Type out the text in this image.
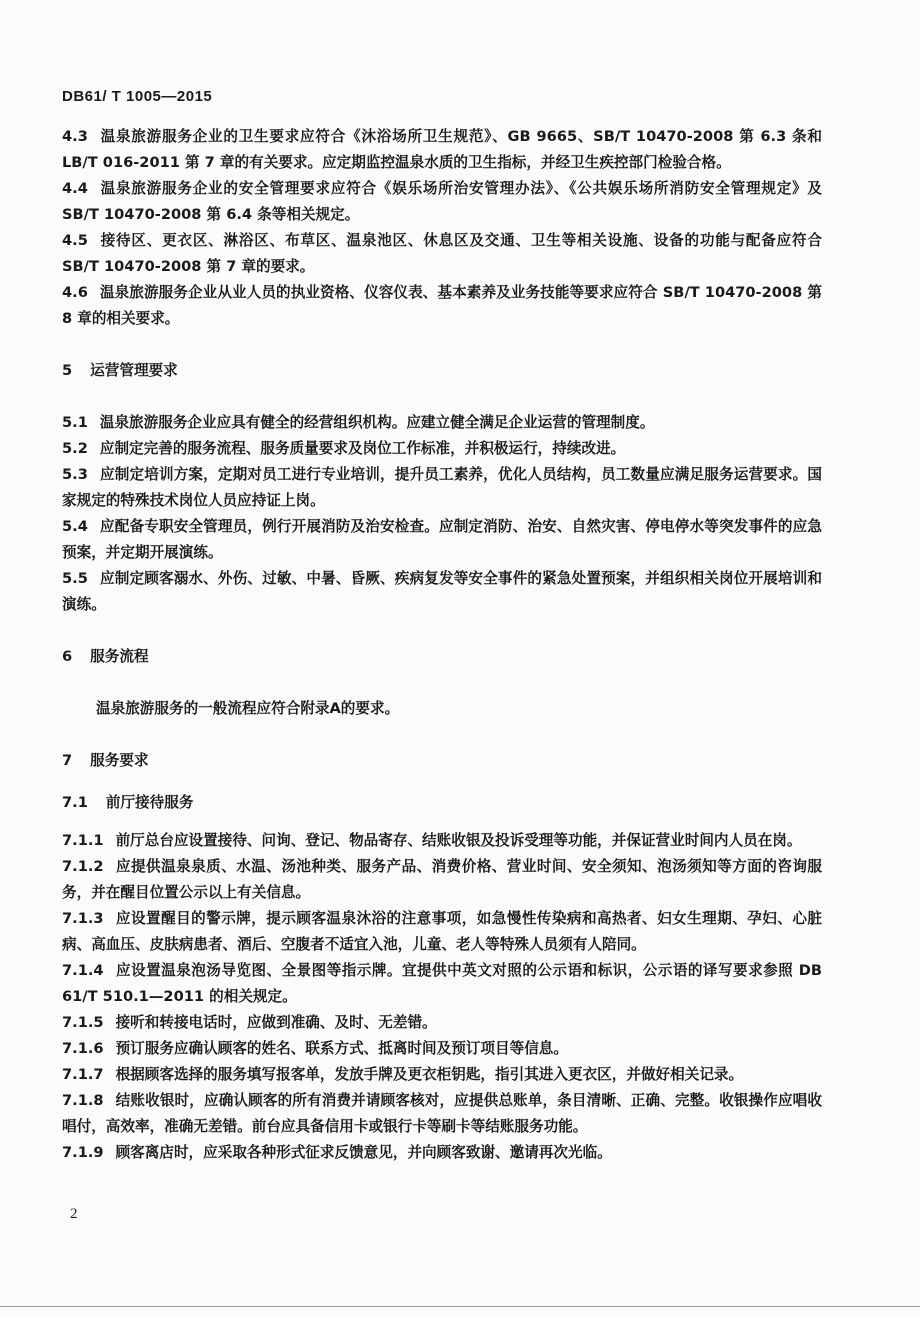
DB61/ T 1005—2015

4.3 温泉旅游服务企业的卫生要求应符合《沐浴场所卫生规范》、GB 9665、SB/T 10470-2008 第 6.3 条和 LB/T 016-2011 第 7 章的有关要求。应定期监控温泉水质的卫生指标，并经卫生疾控部门检验合格。

4.4 温泉旅游服务企业的安全管理要求应符合《娱乐场所治安管理办法》、《公共娱乐场所消防安全管理规定》及 SB/T 10470-2008 第 6.4 条等相关规定。

4.5 接待区、更衣区、淋浴区、布草区、温泉池区、休息区及交通、卫生等相关设施、设备的功能与配备应符合 SB/T 10470-2008 第 7 章的要求。

4.6 温泉旅游服务企业从业人员的执业资格、仪容仪表、基本素养及业务技能等要求应符合 SB/T 10470-2008 第 8 章的相关要求。

5 运营管理要求

5.1 温泉旅游服务企业应具有健全的经营组织机构。应建立健全满足企业运营的管理制度。

5.2 应制定完善的服务流程、服务质量要求及岗位工作标准，并积极运行，持续改进。

5.3 应制定培训方案，定期对员工进行专业培训，提升员工素养，优化人员结构，员工数量应满足服务运营要求。国家规定的特殊技术岗位人员应持证上岗。

5.4 应配备专职安全管理员，例行开展消防及治安检查。应制定消防、治安、自然灾害、停电停水等突发事件的应急预案，并定期开展演练。

5.5 应制定顾客溺水、外伤、过敏、中暑、昏厥、疾病复发等安全事件的紧急处置预案，并组织相关岗位开展培训和演练。

6 服务流程

温泉旅游服务的一般流程应符合附录A的要求。

7 服务要求

7.1 前厅接待服务

7.1.1 前厅总台应设置接待、问询、登记、物品寄存、结账收银及投诉受理等功能，并保证营业时间内人员在岗。

7.1.2 应提供温泉泉质、水温、汤池种类、服务产品、消费价格、营业时间、安全须知、泡汤须知等方面的咨询服务，并在醒目位置公示以上有关信息。

7.1.3 应设置醒目的警示牌，提示顾客温泉沐浴的注意事项，如急慢性传染病和高热者、妇女生理期、孕妇、心脏病、高血压、皮肤病患者、酒后、空腹者不适宜入池，儿童、老人等特殊人员须有人陪同。

7.1.4 应设置温泉泡汤导览图、全景图等指示牌。宜提供中英文对照的公示语和标识，公示语的译写要求参照 DB 61/T 510.1—2011 的相关规定。

7.1.5 接听和转接电话时，应做到准确、及时、无差错。

7.1.6 预订服务应确认顾客的姓名、联系方式、抵离时间及预订项目等信息。

7.1.7 根据顾客选择的服务填写报客单，发放手牌及更衣柜钥匙，指引其进入更衣区，并做好相关记录。

7.1.8 结账收银时，应确认顾客的所有消费并请顾客核对，应提供总账单，条目清晰、正确、完整。收银操作应唱收唱付，高效率，准确无差错。前台应具备信用卡或银行卡等刷卡等结账服务功能。

7.1.9 顾客离店时，应采取各种形式征求反馈意见，并向顾客致谢、邀请再次光临。

2
